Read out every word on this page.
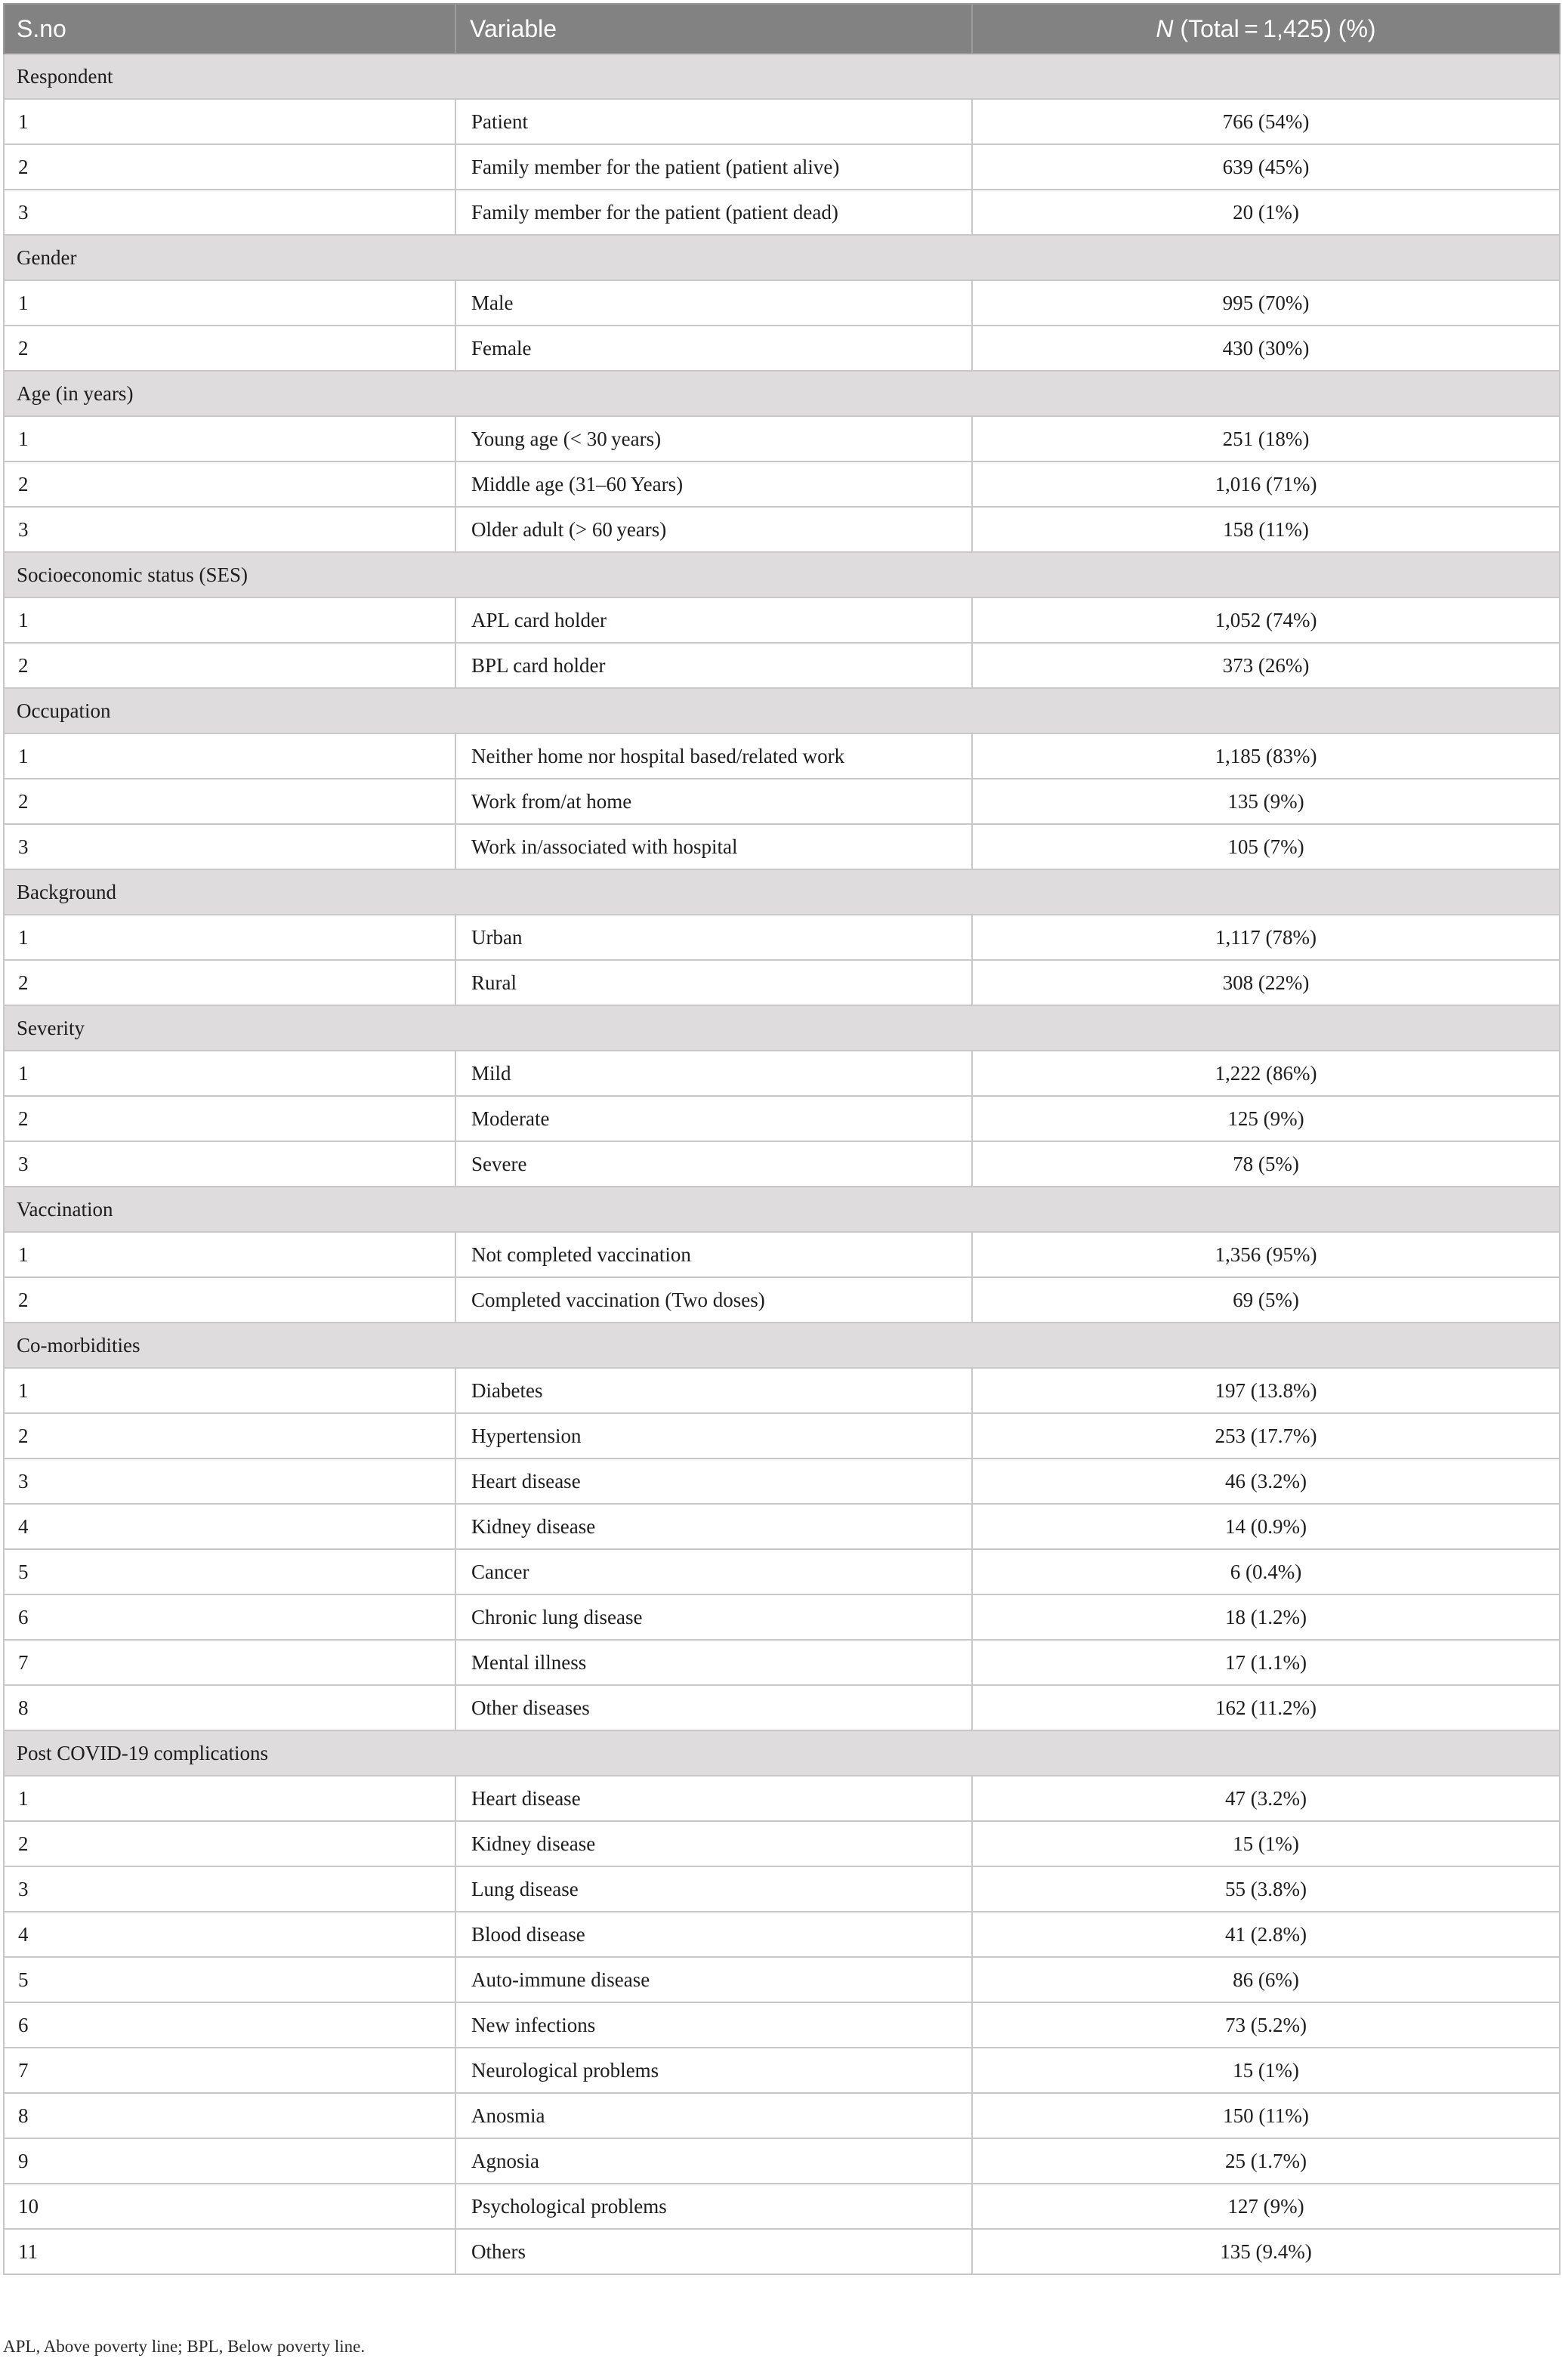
S.no	Variable	N (Total = 1,425) (%)
Respondent		
1	Patient	766 (54%)
2	Family member for the patient (patient alive)	639 (45%)
3	Family member for the patient (patient dead)	20 (1%)
Gender		
1	Male	995 (70%)
2	Female	430 (30%)
Age (in years)		
1	Young age (< 30 years)	251 (18%)
2	Middle age (31–60 Years)	1,016 (71%)
3	Older adult (> 60 years)	158 (11%)
Socioeconomic status (SES)		
1	APL card holder	1,052 (74%)
2	BPL card holder	373 (26%)
Occupation		
1	Neither home nor hospital based/related work	1,185 (83%)
2	Work from/at home	135 (9%)
3	Work in/associated with hospital	105 (7%)
Background		
1	Urban	1,117 (78%)
2	Rural	308 (22%)
Severity		
1	Mild	1,222 (86%)
2	Moderate	125 (9%)
3	Severe	78 (5%)
Vaccination		
1	Not completed vaccination	1,356 (95%)
2	Completed vaccination (Two doses)	69 (5%)
Co-morbidities		
1	Diabetes	197 (13.8%)
2	Hypertension	253 (17.7%)
3	Heart disease	46 (3.2%)
4	Kidney disease	14 (0.9%)
5	Cancer	6 (0.4%)
6	Chronic lung disease	18 (1.2%)
7	Mental illness	17 (1.1%)
8	Other diseases	162 (11.2%)
Post COVID-19 complications		
1	Heart disease	47 (3.2%)
2	Kidney disease	15 (1%)
3	Lung disease	55 (3.8%)
4	Blood disease	41 (2.8%)
5	Auto-immune disease	86 (6%)
6	New infections	73 (5.2%)
7	Neurological problems	15 (1%)
8	Anosmia	150 (11%)
9	Agnosia	25 (1.7%)
10	Psychological problems	127 (9%)
11	Others	135 (9.4%)
APL, Above poverty line; BPL, Below poverty line.
